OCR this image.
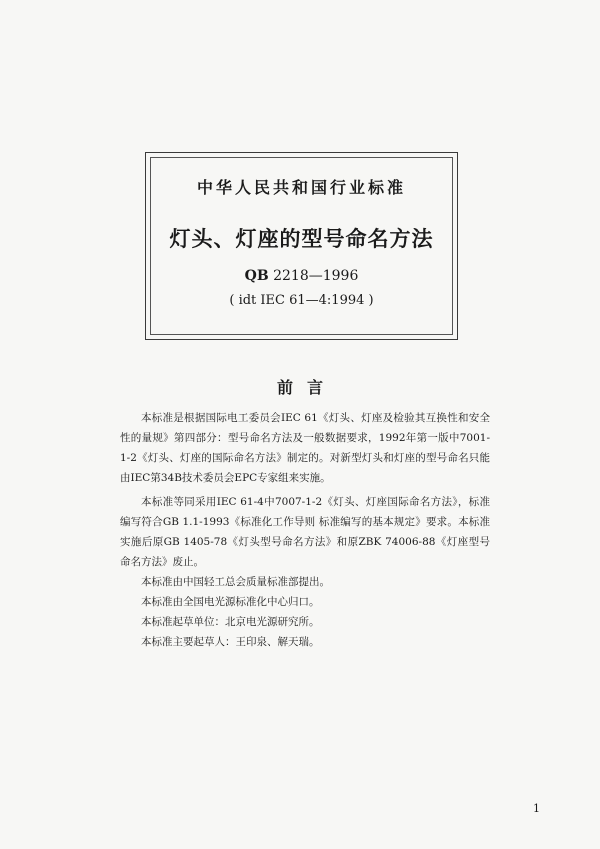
中华人民共和国行业标准
灯头、灯座的型号命名方法
QB 2218—1996
( idt IEC 61—4:1994 )
前言

本标准是根据国际电工委员会IEC 61《灯头、灯座及检验其互换性和安全性的量规》第四部分：型号命名方法及一般数据要求，1992年第一版中7001-1-2《灯头、灯座的国际命名方法》制定的。对新型灯头和灯座的型号命名只能由IEC第34B技术委员会EPC专家组来实施。

本标准等同采用IEC 61-4中7007-1-2《灯头、灯座国际命名方法》，标准编写符合GB 1.1-1993《标准化工作导则 标准编写的基本规定》要求。本标准实施后原GB 1405-78《灯头型号命名方法》和原ZBK 74006-88《灯座型号命名方法》废止。

本标准由中国轻工总会质量标准部提出。

本标准由全国电光源标准化中心归口。

本标准起草单位：北京电光源研究所。

本标准主要起草人：王印泉、解天瑞。

1
